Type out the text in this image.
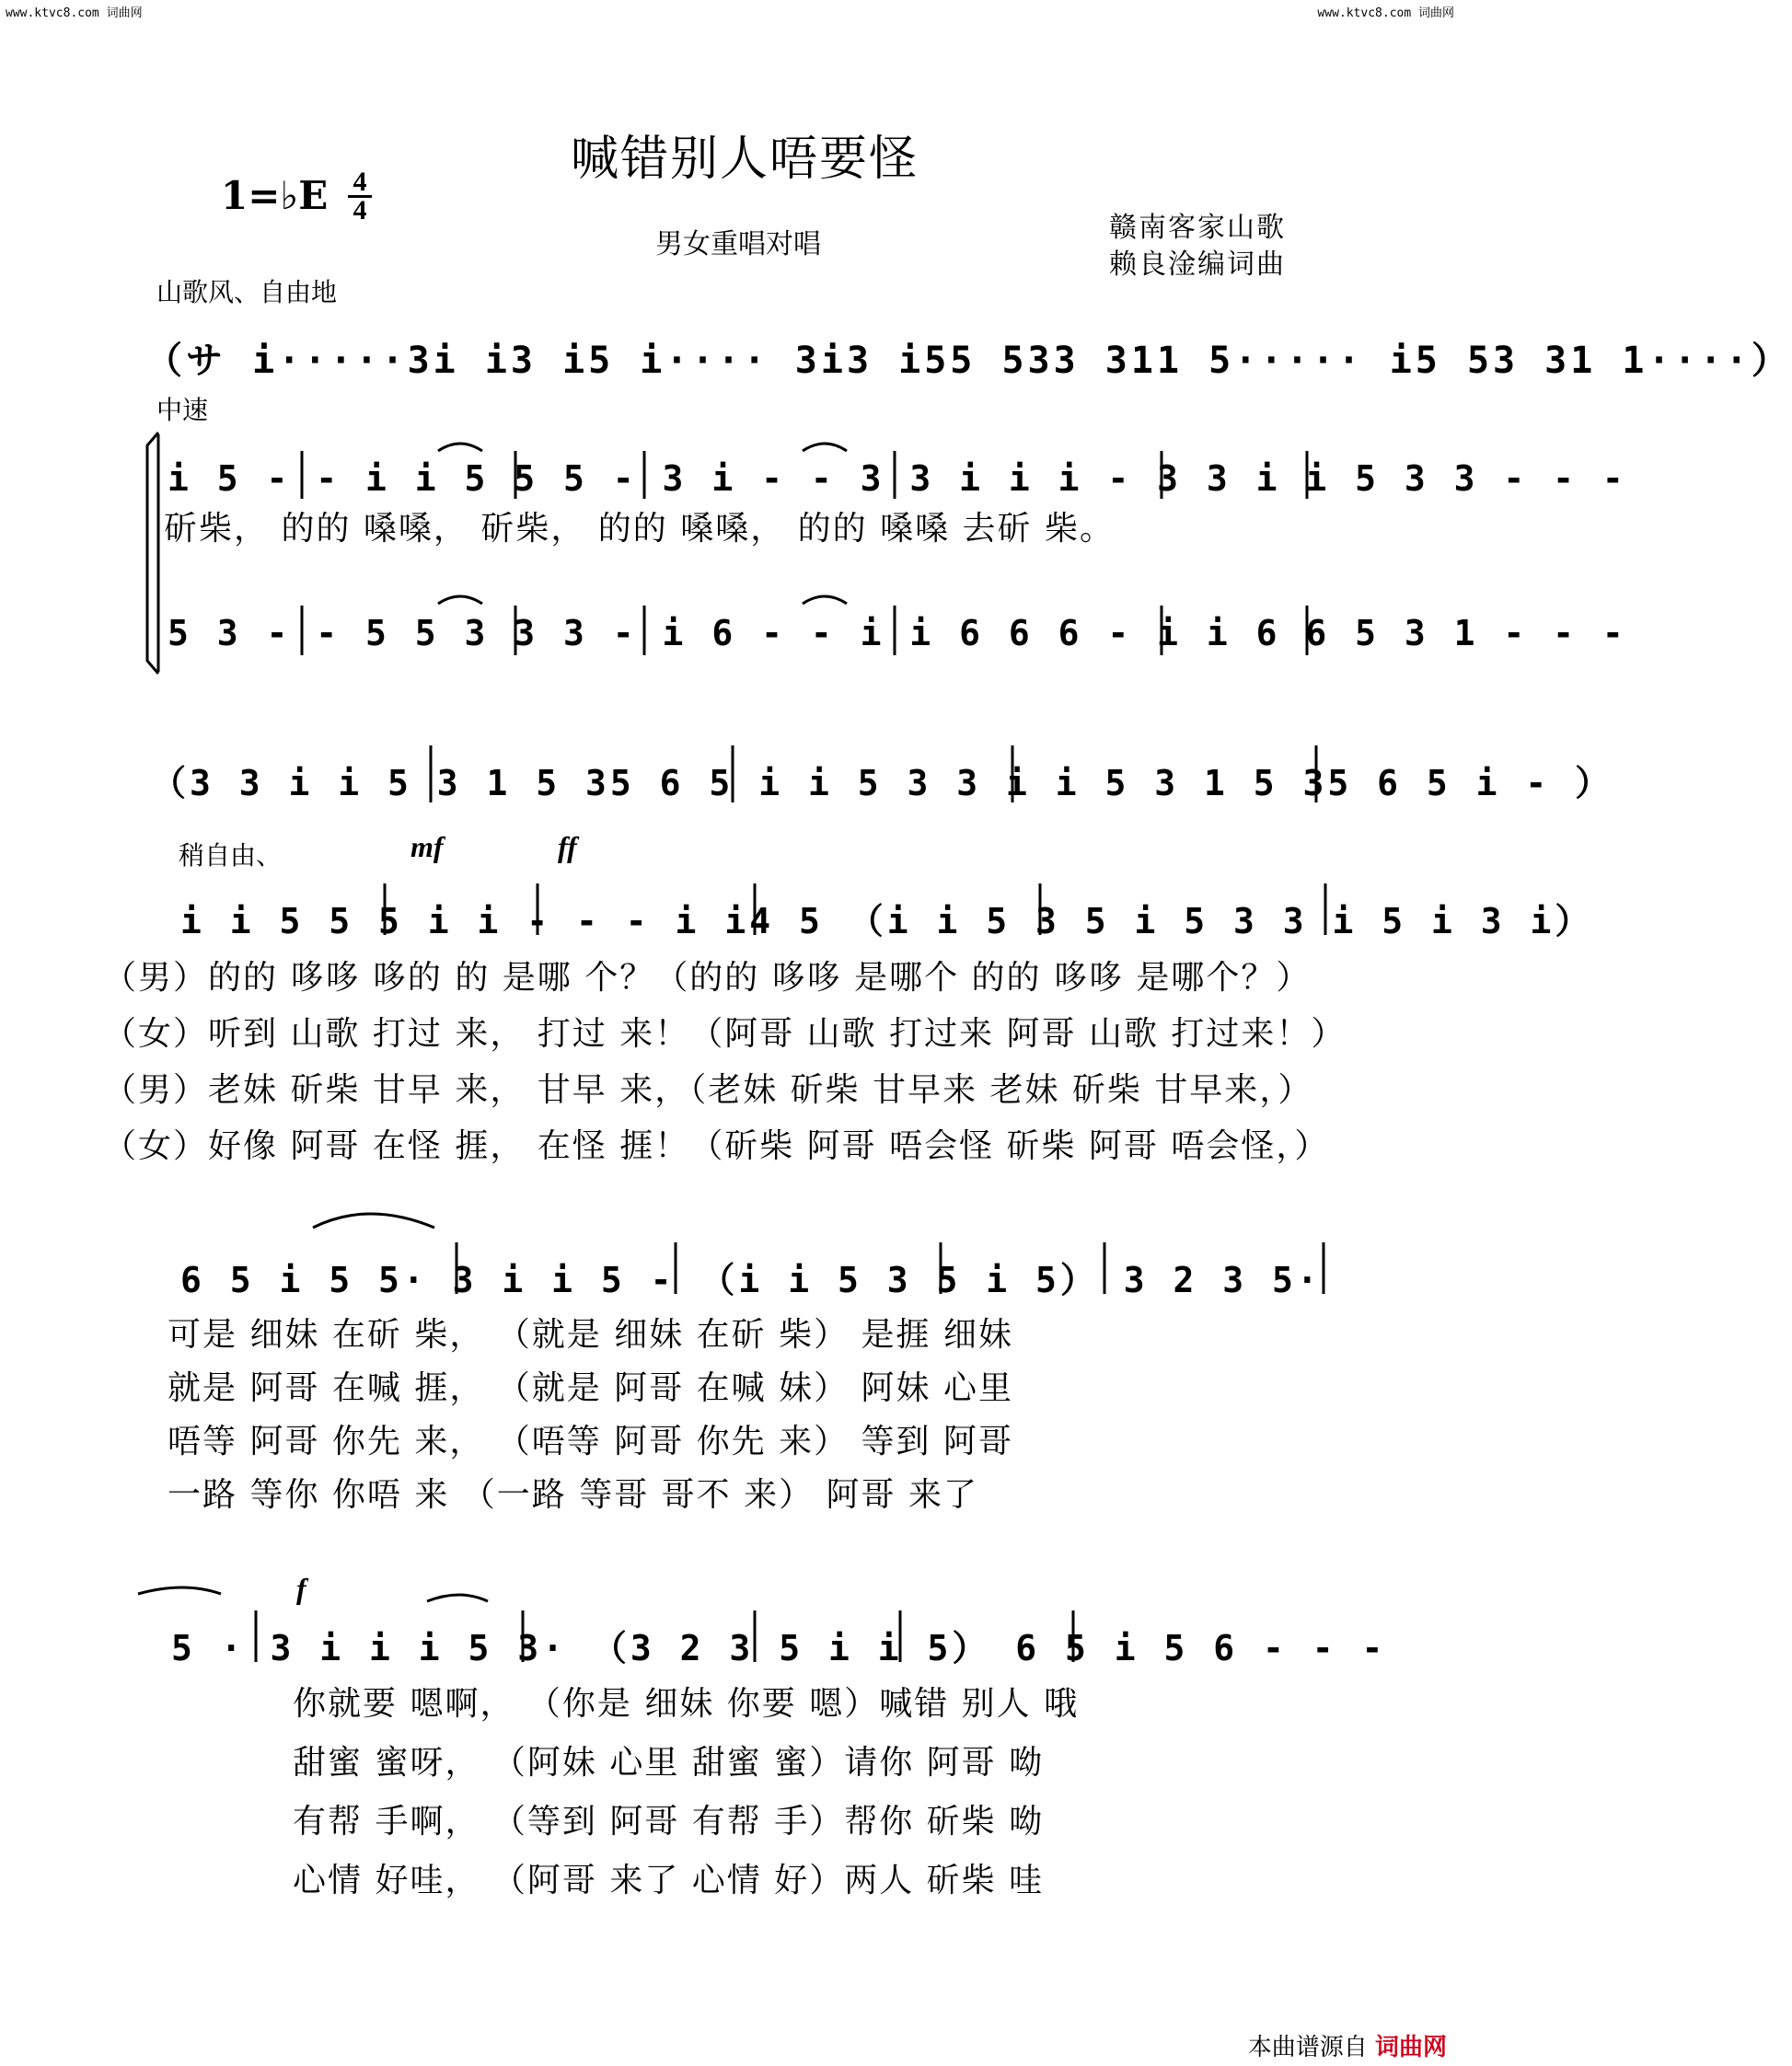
www.ktvc8.com 词曲网	www.ktvc8.com 词曲网
喊错别人唔要怪
1=♭E 4
4
男女重唱对唱
赣南客家山歌
赖良淦编词曲
山歌风、自由地
（サ i·····3i i3 i5 i···· 3i3 i55 533 311 5····· i5 53 31 1····）
中速
i 5 - - i i 5 5 5 - 3 i - - 3 3 i i i - 3 3 i i 5 3 3 - - -
斫柴， 的的 嗓嗓， 斫柴， 的的 嗓嗓， 的的 嗓嗓 去斫 柴。
5 3 - - 5 5 3 3 3 - i 6 - - i i 6 6 6 - i i 6 6 5 3 1 - - -
（3 3 i i 5 3 1 5 35 6 5 i i 5 3 3 i i 5 3 1 5 35 6 5 i - ）
稍自由、	mf	ff
i i 5 5 5 i i - - - i i4 5 （i i 5 3 5 i 5 3 3 i 5 i 3 i）
（男）的的 哆哆 哆的 的 是哪 个？（的的 哆哆 是哪个 的的 哆哆 是哪个？）
（女）听到 山歌 打过 来， 打过 来！（阿哥 山歌 打过来 阿哥 山歌 打过来！）
（男）老妹 斫柴 甘早 来， 甘早 来，（老妹 斫柴 甘早来 老妹 斫柴 甘早来，）
（女）好像 阿哥 在怪 捱， 在怪 捱！（斫柴 阿哥 唔会怪 斫柴 阿哥 唔会怪，）
6 5 i 5 5· 3 i i 5 - （i i 5 3 5 i 5） 3 2 3 5·
可是 细妹 在斫 柴， （就是 细妹 在斫 柴） 是捱 细妹
就是 阿哥 在喊 捱， （就是 阿哥 在喊 妹） 阿妹 心里
唔等 阿哥 你先 来， （唔等 阿哥 你先 来） 等到 阿哥
一路 等你 你唔 来 （一路 等哥 哥不 来） 阿哥 来了
f
5 · 3 i i i 5 3· （3 2 3 5 i i 5） 6 5 i 5 6 - - -
你就要 嗯啊， （你是 细妹 你要 嗯）喊错 别人 哦
甜蜜 蜜呀， （阿妹 心里 甜蜜 蜜）请你 阿哥 呦
有帮 手啊， （等到 阿哥 有帮 手）帮你 斫柴 呦
心情 好哇， （阿哥 来了 心情 好）两人 斫柴 哇
本曲谱源自 词曲网
